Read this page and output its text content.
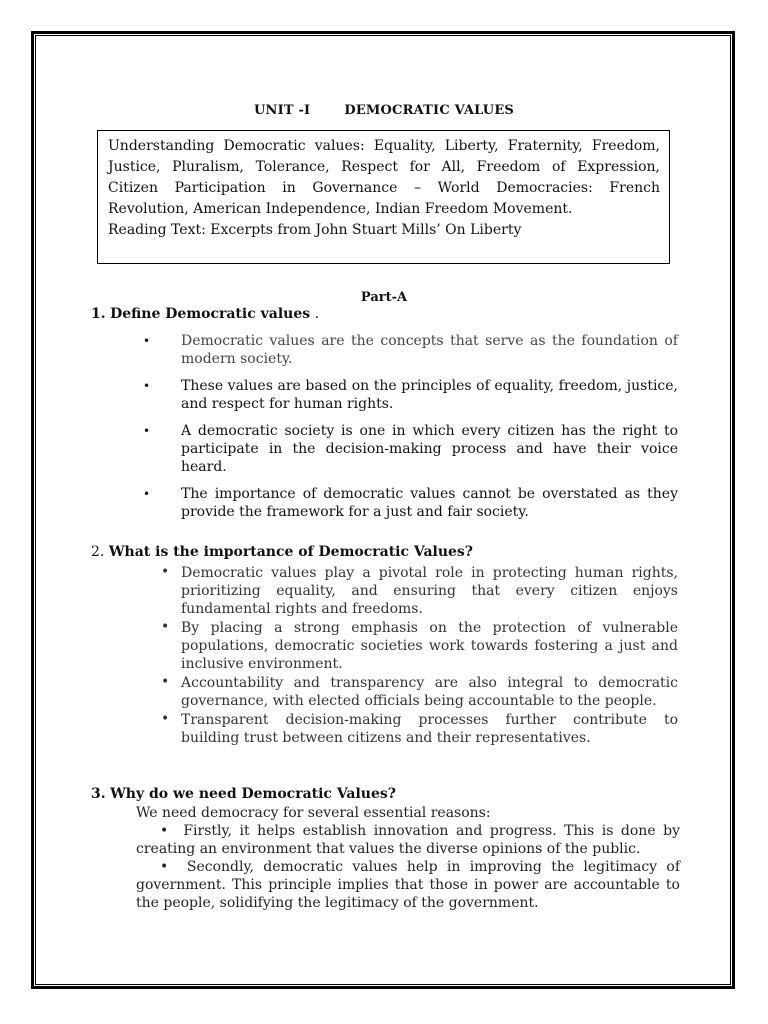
UNIT -I	DEMOCRATIC VALUES
Understanding Democratic values: Equality, Liberty, Fraternity, Freedom,
Justice, Pluralism, Tolerance, Respect for All, Freedom of Expression,
Citizen Participation in Governance – World Democracies: French
Revolution, American Independence, Indian Freedom Movement.
Reading Text: Excerpts from John Stuart Mills’ On Liberty
Part-A
1. Define Democratic values .
• Democratic values are the concepts that serve as the foundation of modern society.
• These values are based on the principles of equality, freedom, justice, and respect for human rights.
• A democratic society is one in which every citizen has the right to participate in the decision-making process and have their voice heard.
• The importance of democratic values cannot be overstated as they provide the framework for a just and fair society.
2. What is the importance of Democratic Values?
• Democratic values play a pivotal role in protecting human rights, prioritizing equality, and ensuring that every citizen enjoys fundamental rights and freedoms.
• By placing a strong emphasis on the protection of vulnerable populations, democratic societies work towards fostering a just and inclusive environment.
• Accountability and transparency are also integral to democratic governance, with elected officials being accountable to the people.
• Transparent decision-making processes further contribute to building trust between citizens and their representatives.
3. Why do we need Democratic Values?

We need democracy for several essential reasons:

• Firstly, it helps establish innovation and progress. This is done by creating an environment that values the diverse opinions of the public.

• Secondly, democratic values help in improving the legitimacy of government. This principle implies that those in power are accountable to the people, solidifying the legitimacy of the government.
